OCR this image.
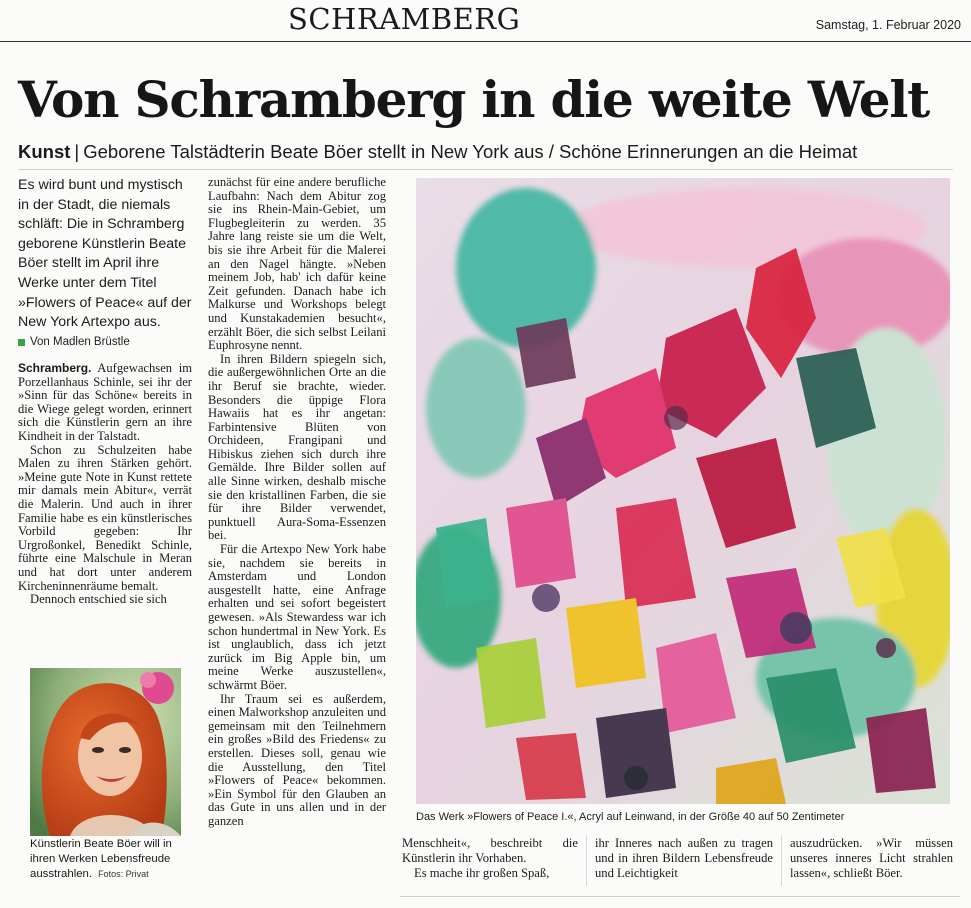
SCHRAMBERG	Samstag, 1. Februar 2020
Von Schramberg in die weite Welt
Kunst | Geborene Talstädterin Beate Böer stellt in New York aus / Schöne Erinnerungen an die Heimat
Es wird bunt und mystisch in der Stadt, die niemals schläft: Die in Schramberg geborene Künstlerin Beate Böer stellt im April ihre Werke unter dem Titel »Flowers of Peace« auf der New York Artexpo aus.
Von Madlen Brüstle

Schramberg. Aufgewachsen im Porzellanhaus Schinle, sei ihr der »Sinn für das Schöne« bereits in die Wiege gelegt worden, erinnert sich die Künstlerin gern an ihre Kindheit in der Talstadt.

Schon zu Schulzeiten habe Malen zu ihren Stärken gehört. »Meine gute Note in Kunst rettete mir damals mein Abitur«, verrät die Malerin. Und auch in ihrer Familie habe es ein künstlerisches Vorbild gegeben: Ihr Urgroßonkel, Benedikt Schinle, führte eine Malschule in Meran und hat dort unter anderem Kircheninnenräume bemalt.

Dennoch entschied sie sich

zunächst für eine andere berufliche Laufbahn: Nach dem Abitur zog sie ins Rhein-Main-Gebiet, um Flugbegleiterin zu werden. 35 Jahre lang reiste sie um die Welt, bis sie ihre Arbeit für die Malerei an den Nagel hängte. »Neben meinem Job, hab' ich dafür keine Zeit gefunden. Danach habe ich Malkurse und Workshops belegt und Kunstakademien besucht«, erzählt Böer, die sich selbst Leilani Euphrosyne nennt.

In ihren Bildern spiegeln sich, die außergewöhnlichen Orte an die ihr Beruf sie brachte, wieder. Besonders die üppige Flora Hawaiis hat es ihr angetan: Farbintensive Blüten von Orchideen, Frangipani und Hibiskus ziehen sich durch ihre Gemälde. Ihre Bilder sollen auf alle Sinne wirken, deshalb mische sie den kristallinen Farben, die sie für ihre Bilder verwendet, punktuell Aura-Soma-Essenzen bei.

Für die Artexpo New York habe sie, nachdem sie bereits in Amsterdam und London ausgestellt hatte, eine Anfrage erhalten und sei sofort begeistert gewesen. »Als Stewardess war ich schon hundertmal in New York. Es ist unglaublich, dass ich jetzt zurück im Big Apple bin, um meine Werke auszustellen«, schwärmt Böer.

Ihr Traum sei es außerdem, einen Malworkshop anzuleiten und gemeinsam mit den Teilnehmern ein großes »Bild des Friedens« zu erstellen. Dieses soll, genau wie die Ausstellung, den Titel »Flowers of Peace« bekommen. »Ein Symbol für den Glauben an das Gute in uns allen und in der ganzen

Künstlerin Beate Böer will in ihren Werken Lebensfreude ausstrahlen. Fotos: Privat
Das Werk »Flowers of Peace I.«, Acryl auf Leinwand, in der Größe 40 auf 50 Zentimeter

Menschheit«, beschreibt die Künstlerin ihr Vorhaben.

Es mache ihr großen Spaß,

ihr Inneres nach außen zu tragen und in ihren Bildern Lebensfreude und Leichtigkeit

auszudrücken. »Wir müssen unseres inneres Licht strahlen lassen«, schließt Böer.
